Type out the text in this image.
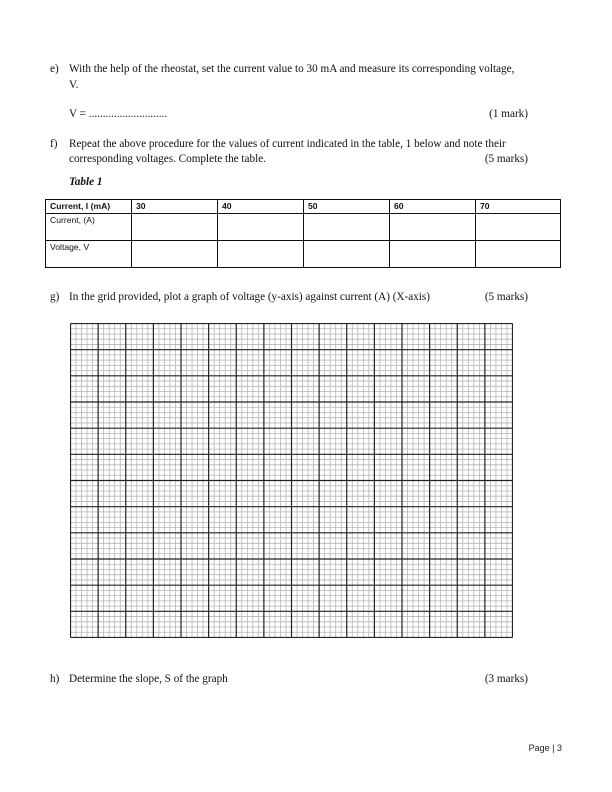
e) With the help of the rheostat, set the current value to 30 mA and measure its corresponding voltage,
V.
V = ............................	(1 mark)
f) Repeat the above procedure for the values of current indicated in the table, 1 below and note their
corresponding voltages. Complete the table.	(5 marks)
Table 1
Current, I (mA)	30	40	50	60	70
Current, (A)					
Voltage, V					
g) In the grid provided, plot a graph of voltage (y-axis) against current (A) (X-axis)	(5 marks)
h) Determine the slope, S of the graph	(3 marks)
Page | 3
